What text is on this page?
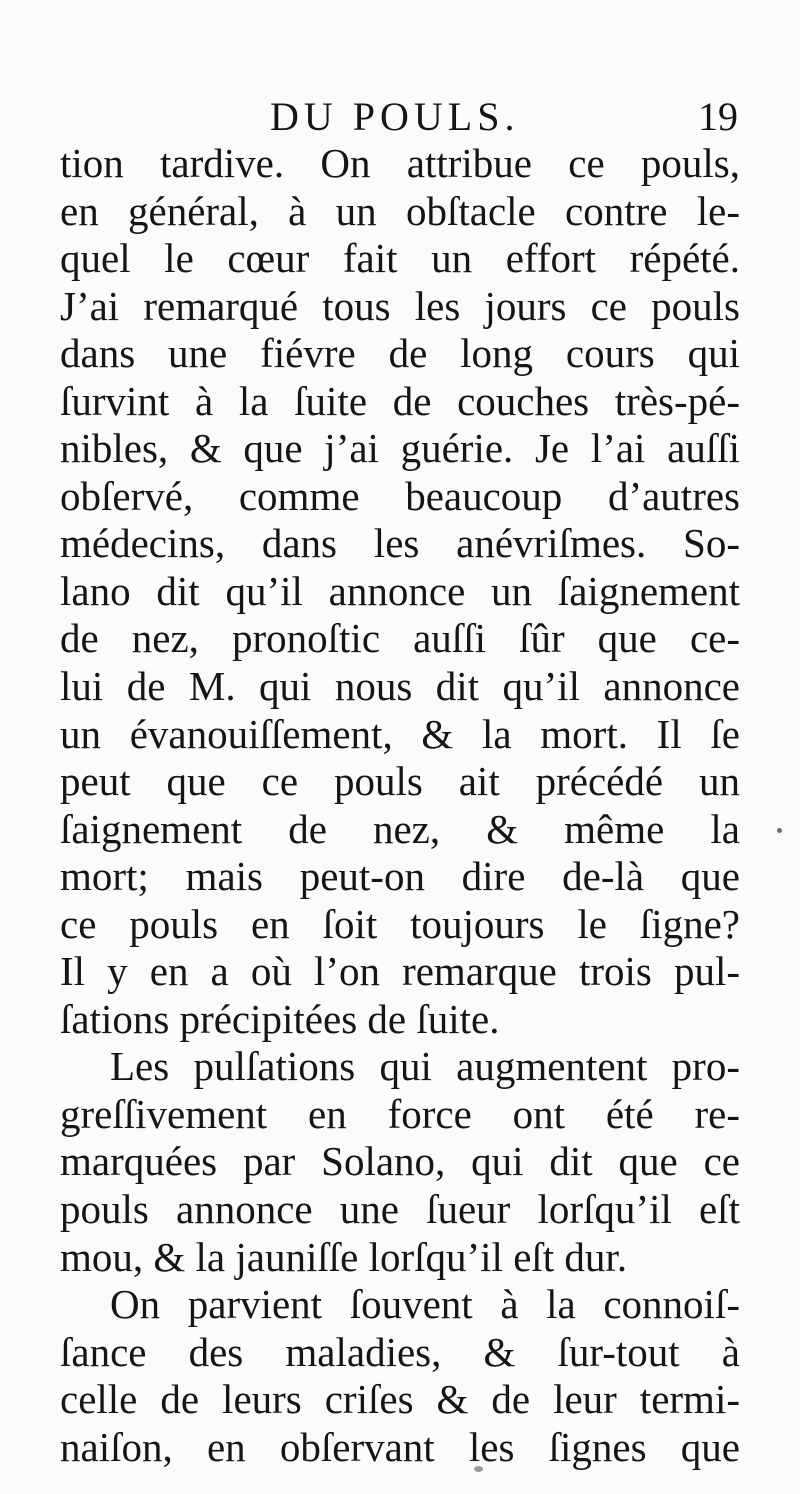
DU POULS.	19
tion tardive. On attribue ce pouls,
en général, à un obſtacle contre le-
quel le cœur fait un effort répété.
J’ai remarqué tous les jours ce pouls
dans une fiévre de long cours qui
ſurvint à la ſuite de couches très-pé-
nibles, & que j’ai guérie. Je l’ai auſſi
obſervé, comme beaucoup d’autres
médecins, dans les anévriſmes. So-
lano dit qu’il annonce un ſaignement
de nez, pronoſtic auſſi ſûr que ce-
lui de M. qui nous dit qu’il annonce
un évanouiſſement, & la mort. Il ſe
peut que ce pouls ait précédé un
ſaignement de nez, & même la
mort; mais peut-on dire de-là que
ce pouls en ſoit toujours le ſigne?
Il y en a où l’on remarque trois pul-
ſations précipitées de ſuite.
Les pulſations qui augmentent pro-
greſſivement en force ont été re-
marquées par Solano, qui dit que ce
pouls annonce une ſueur lorſqu’il eſt
mou, & la jauniſſe lorſqu’il eſt dur.
On parvient ſouvent à la connoiſ-
ſance des maladies, & ſur-tout à
celle de leurs criſes & de leur termi-
naiſon, en obſervant les ſignes que
